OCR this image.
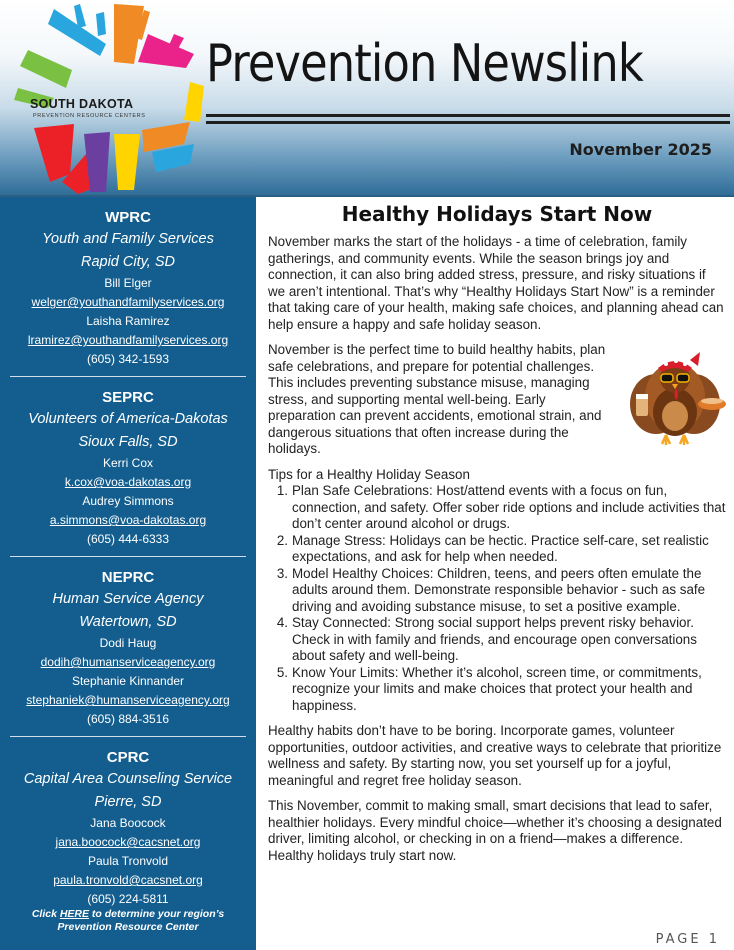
SOUTH DAKOTA
PREVENTION RESOURCE CENTERS
Prevention Newslink
November 2025
WPRC
Youth and Family Services
Rapid City, SD
Bill Elger
welger@youthandfamilyservices.org
Laisha Ramirez
lramirez@youthandfamilyservices.org
(605) 342-1593
SEPRC
Volunteers of America-Dakotas
Sioux Falls, SD
Kerri Cox
k.cox@voa-dakotas.org
Audrey Simmons
a.simmons@voa-dakotas.org
(605) 444-6333
NEPRC
Human Service Agency
Watertown, SD
Dodi Haug
dodih@humanserviceagency.org
Stephanie Kinnander
stephaniek@humanserviceagency.org
(605) 884-3516
CPRC
Capital Area Counseling Service
Pierre, SD
Jana Boocock
jana.boocock@cacsnet.org
Paula Tronvold
paula.tronvold@cacsnet.org
(605) 224-5811
Click HERE to determine your region’s Prevention Resource Center
Healthy Holidays Start Now

November marks the start of the holidays - a time of celebration, family gatherings, and community events. While the season brings joy and connection, it can also bring added stress, pressure, and risky situations if we aren’t intentional. That’s why “Healthy Holidays Start Now” is a reminder that taking care of your health, making safe choices, and planning ahead can help ensure a happy and safe holiday season.

November is the perfect time to build healthy habits, plan safe celebrations, and prepare for potential challenges. This includes preventing substance misuse, managing stress, and supporting mental well-being. Early preparation can prevent accidents, emotional strain, and dangerous situations that often increase during the holidays.

Tips for a Healthy Holiday Season
1. Plan Safe Celebrations: Host/attend events with a focus on fun, connection, and safety. Offer sober ride options and include activities that don’t center around alcohol or drugs.
2. Manage Stress: Holidays can be hectic. Practice self-care, set realistic expectations, and ask for help when needed.
3. Model Healthy Choices: Children, teens, and peers often emulate the adults around them. Demonstrate responsible behavior - such as safe driving and avoiding substance misuse, to set a positive example.
4. Stay Connected: Strong social support helps prevent risky behavior. Check in with family and friends, and encourage open conversations about safety and well-being.
5. Know Your Limits: Whether it’s alcohol, screen time, or commitments, recognize your limits and make choices that protect your health and happiness.

Healthy habits don’t have to be boring. Incorporate games, volunteer opportunities, outdoor activities, and creative ways to celebrate that prioritize wellness and safety. By starting now, you set yourself up for a joyful, meaningful and regret free holiday season.

This November, commit to making small, smart decisions that lead to safer, healthier holidays. Every mindful choice—whether it’s choosing a designated driver, limiting alcohol, or checking in on a friend—makes a difference. Healthy holidays truly start now.

PAGE 1
